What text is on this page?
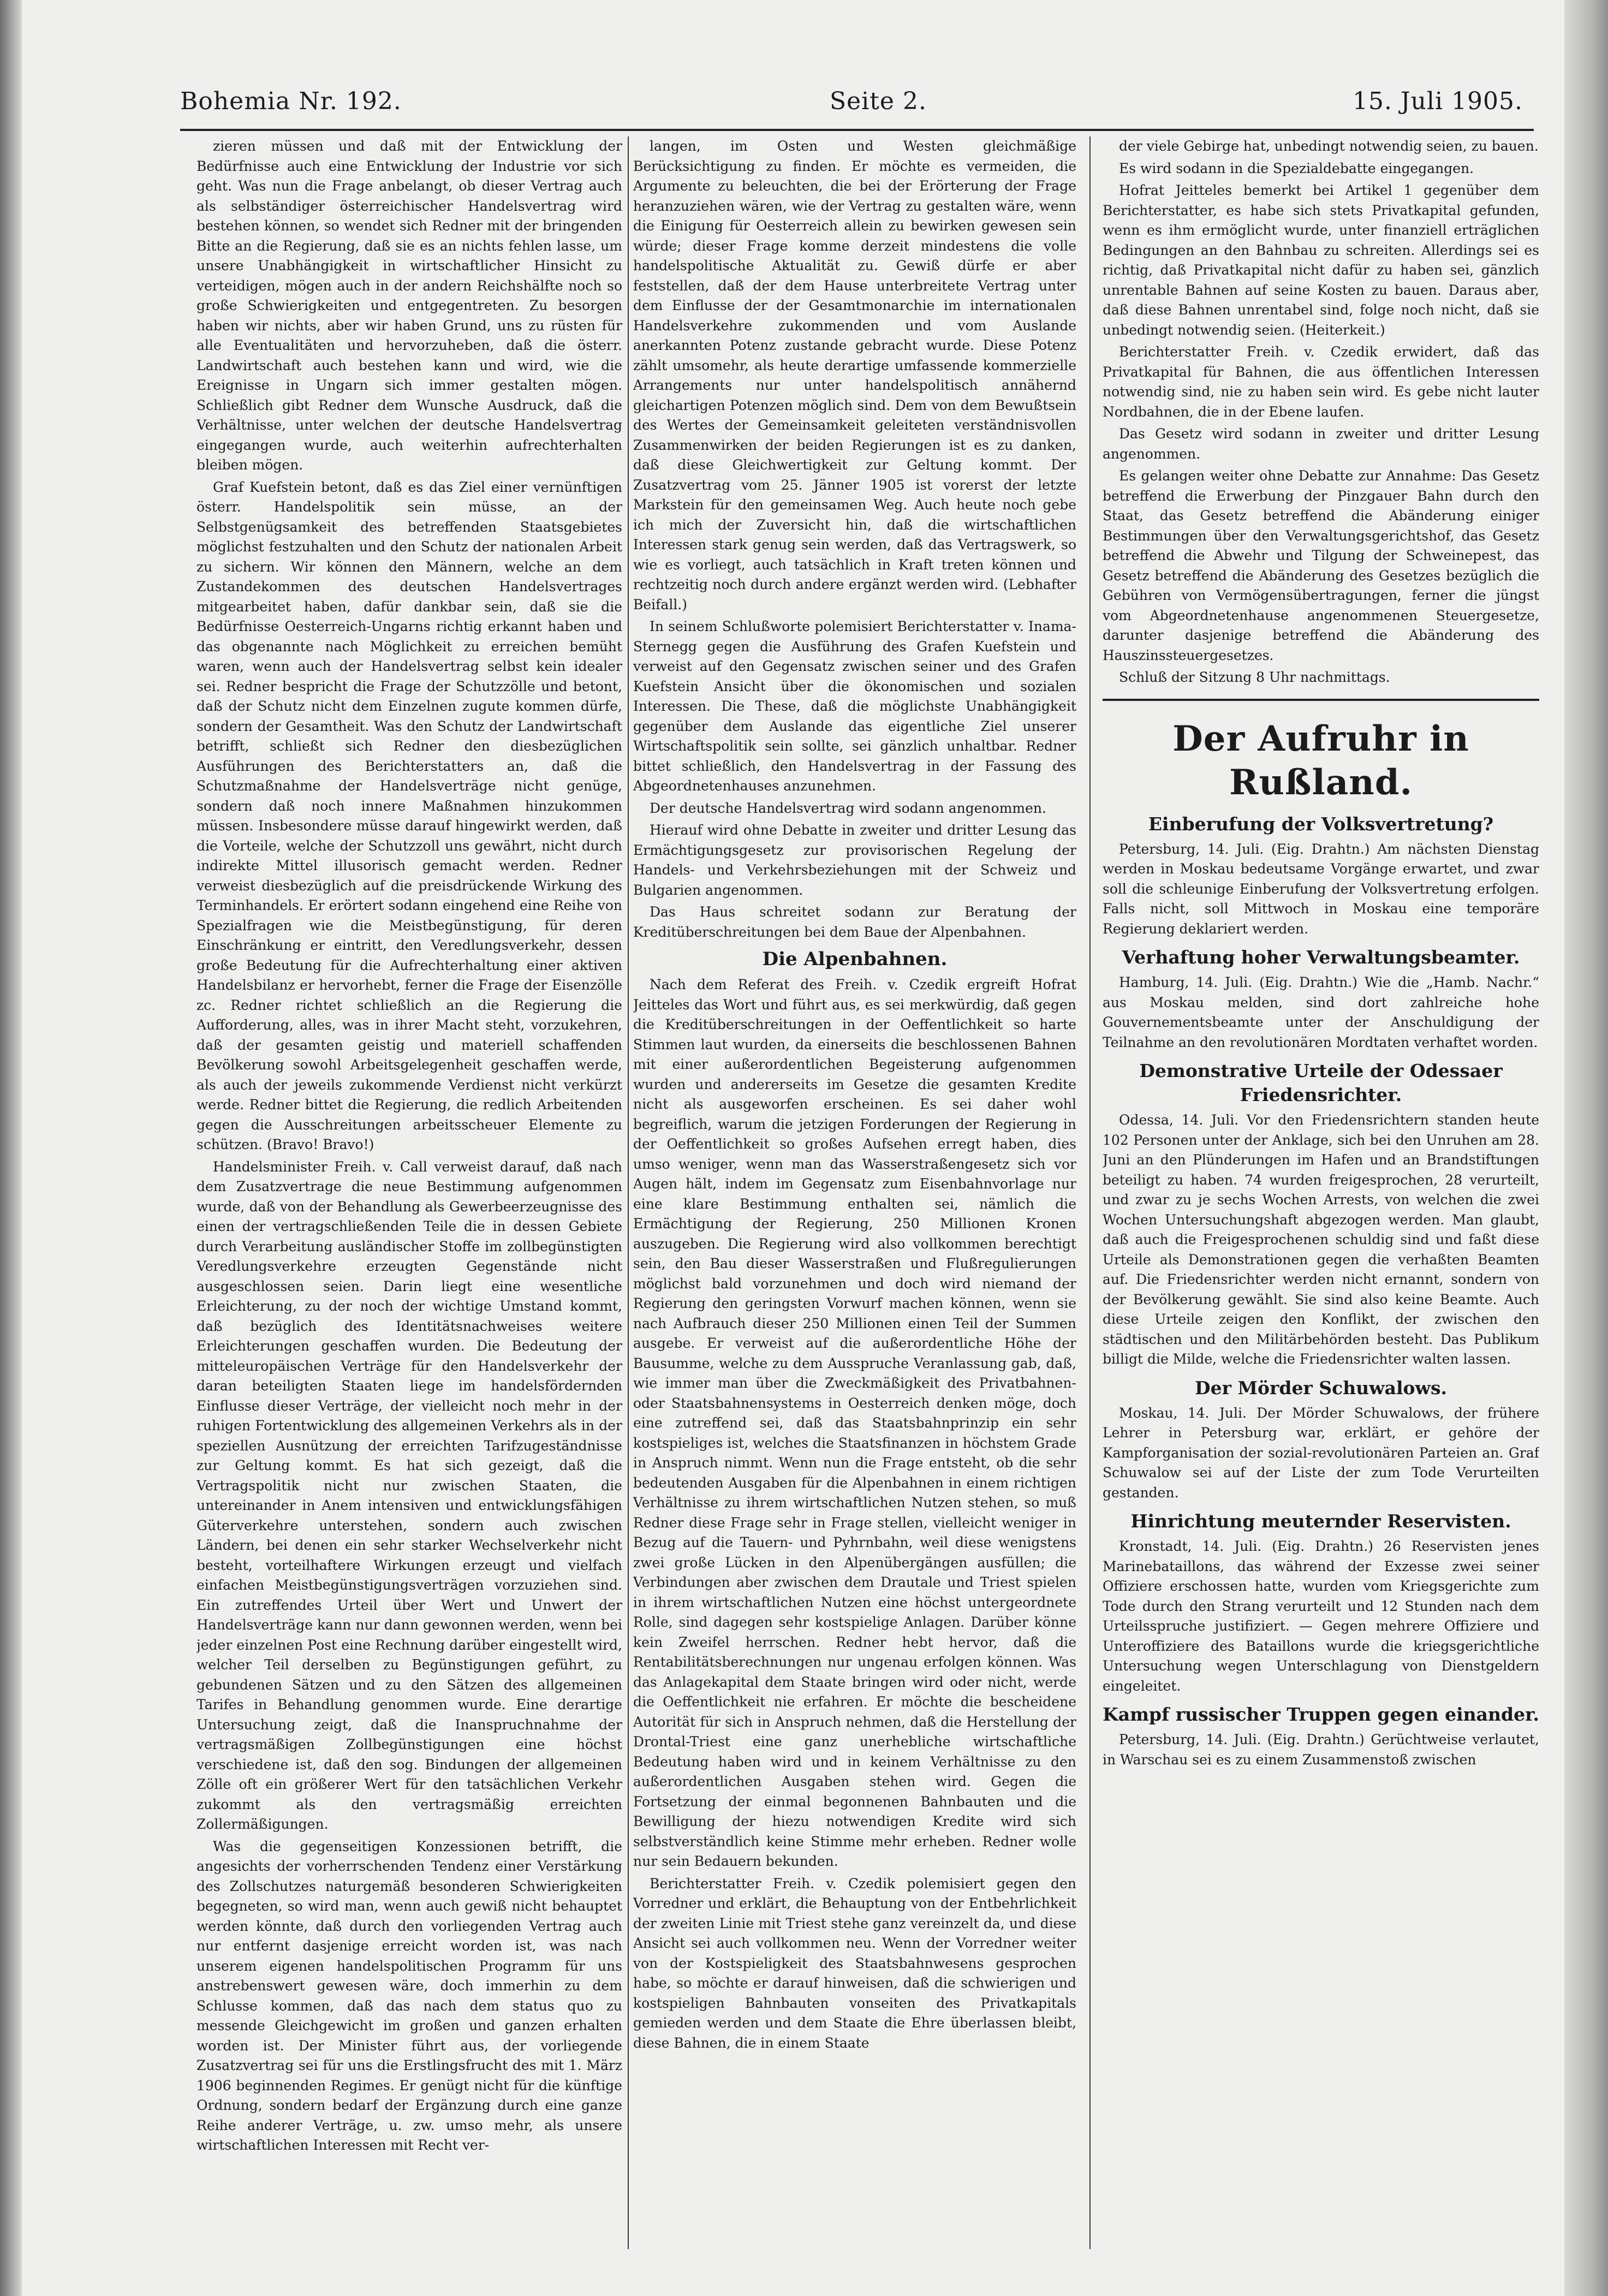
Bohemia Nr. 192.	Seite 2.	15. Juli 1905.

zieren müssen und daß mit der Entwicklung der Bedürfnisse auch eine Entwicklung der Industrie vor sich geht. Was nun die Frage anbelangt, ob dieser Vertrag auch als selbständiger österreichischer Handelsvertrag wird bestehen können, so wendet sich Redner mit der bringenden Bitte an die Regierung, daß sie es an nichts fehlen lasse, um unsere Unabhängigkeit in wirtschaftlicher Hinsicht zu verteidigen, mögen auch in der andern Reichshälfte noch so große Schwierigkeiten und entgegentreten. Zu besorgen haben wir nichts, aber wir haben Grund, uns zu rüsten für alle Eventualitäten und hervorzuheben, daß die österr. Landwirtschaft auch bestehen kann und wird, wie die Ereignisse in Ungarn sich immer gestalten mögen. Schließlich gibt Redner dem Wunsche Ausdruck, daß die Verhältnisse, unter welchen der deutsche Handelsvertrag eingegangen wurde, auch weiterhin aufrechterhalten bleiben mögen.

Graf Kuefstein betont, daß es das Ziel einer vernünftigen österr. Handelspolitik sein müsse, an der Selbstgenügsamkeit des betreffenden Staatsgebietes möglichst festzuhalten und den Schutz der nationalen Arbeit zu sichern. Wir können den Männern, welche an dem Zustandekommen des deutschen Handelsvertrages mitgearbeitet haben, dafür dankbar sein, daß sie die Bedürfnisse Oesterreich-Ungarns richtig erkannt haben und das obgenannte nach Möglichkeit zu erreichen bemüht waren, wenn auch der Handelsvertrag selbst kein idealer sei. Redner bespricht die Frage der Schutzzölle und betont, daß der Schutz nicht dem Einzelnen zugute kommen dürfe, sondern der Gesamtheit. Was den Schutz der Landwirtschaft betrifft, schließt sich Redner den diesbezüglichen Ausführungen des Berichterstatters an, daß die Schutzmaßnahme der Handelsverträge nicht genüge, sondern daß noch innere Maßnahmen hinzukommen müssen. Insbesondere müsse darauf hingewirkt werden, daß die Vorteile, welche der Schutzzoll uns gewährt, nicht durch indirekte Mittel illusorisch gemacht werden. Redner verweist diesbezüglich auf die preisdrückende Wirkung des Terminhandels. Er erörtert sodann eingehend eine Reihe von Spezialfragen wie die Meistbegünstigung, für deren Einschränkung er eintritt, den Veredlungsverkehr, dessen große Bedeutung für die Aufrechterhaltung einer aktiven Handelsbilanz er hervorhebt, ferner die Frage der Eisenzölle zc. Redner richtet schließlich an die Regierung die Aufforderung, alles, was in ihrer Macht steht, vorzukehren, daß der gesamten geistig und materiell schaffenden Bevölkerung sowohl Arbeitsgelegenheit geschaffen werde, als auch der jeweils zukommende Verdienst nicht verkürzt werde. Redner bittet die Regierung, die redlich Arbeitenden gegen die Ausschreitungen arbeitsscheuer Elemente zu schützen. (Bravo! Bravo!)

Handelsminister Freih. v. Call verweist darauf, daß nach dem Zusatzvertrage die neue Bestimmung aufgenommen wurde, daß von der Behandlung als Gewerbeerzeugnisse des einen der vertragschließenden Teile die in dessen Gebiete durch Verarbeitung ausländischer Stoffe im zollbegünstigten Veredlungsverkehre erzeugten Gegenstände nicht ausgeschlossen seien. Darin liegt eine wesentliche Erleichterung, zu der noch der wichtige Umstand kommt, daß bezüglich des Identitätsnachweises weitere Erleichterungen geschaffen wurden. Die Bedeutung der mitteleuropäischen Verträge für den Handelsverkehr der daran beteiligten Staaten liege im handelsfördernden Einflusse dieser Verträge, der vielleicht noch mehr in der ruhigen Fortentwicklung des allgemeinen Verkehrs als in der speziellen Ausnützung der erreichten Tarifzugeständnisse zur Geltung kommt. Es hat sich gezeigt, daß die Vertragspolitik nicht nur zwischen Staaten, die untereinander in Anem intensiven und entwicklungsfähigen Güterverkehre unterstehen, sondern auch zwischen Ländern, bei denen ein sehr starker Wechselverkehr nicht besteht, vorteilhaftere Wirkungen erzeugt und vielfach einfachen Meistbegünstigungsverträgen vorzuziehen sind. Ein zutreffendes Urteil über Wert und Unwert der Handelsverträge kann nur dann gewonnen werden, wenn bei jeder einzelnen Post eine Rechnung darüber eingestellt wird, welcher Teil derselben zu Begünstigungen geführt, zu gebundenen Sätzen und zu den Sätzen des allgemeinen Tarifes in Behandlung genommen wurde. Eine derartige Untersuchung zeigt, daß die Inanspruchnahme der vertragsmäßigen Zollbegünstigungen eine höchst verschiedene ist, daß den sog. Bindungen der allgemeinen Zölle oft ein größerer Wert für den tatsächlichen Verkehr zukommt als den vertragsmäßig erreichten Zollermäßigungen.

Was die gegenseitigen Konzessionen betrifft, die angesichts der vorherrschenden Tendenz einer Verstärkung des Zollschutzes naturgemäß besonderen Schwierigkeiten begegneten, so wird man, wenn auch gewiß nicht behauptet werden könnte, daß durch den vorliegenden Vertrag auch nur entfernt dasjenige erreicht worden ist, was nach unserem eigenen handelspolitischen Programm für uns anstrebenswert gewesen wäre, doch immerhin zu dem Schlusse kommen, daß das nach dem status quo zu messende Gleichgewicht im großen und ganzen erhalten worden ist. Der Minister führt aus, der vorliegende Zusatzvertrag sei für uns die Erstlingsfrucht des mit 1. März 1906 beginnenden Regimes. Er genügt nicht für die künftige Ordnung, sondern bedarf der Ergänzung durch eine ganze Reihe anderer Verträge, u. zw. umso mehr, als unsere wirtschaftlichen Interessen mit Recht ver-

langen, im Osten und Westen gleichmäßige Berücksichtigung zu finden. Er möchte es vermeiden, die Argumente zu beleuchten, die bei der Erörterung der Frage heranzuziehen wären, wie der Vertrag zu gestalten wäre, wenn die Einigung für Oesterreich allein zu bewirken gewesen sein würde; dieser Frage komme derzeit mindestens die volle handelspolitische Aktualität zu. Gewiß dürfe er aber feststellen, daß der dem Hause unterbreitete Vertrag unter dem Einflusse der der Gesamtmonarchie im internationalen Handelsverkehre zukommenden und vom Auslande anerkannten Potenz zustande gebracht wurde. Diese Potenz zählt umsomehr, als heute derartige umfassende kommerzielle Arrangements nur unter handelspolitisch annähernd gleichartigen Potenzen möglich sind. Dem von dem Bewußtsein des Wertes der Gemeinsamkeit geleiteten verständnisvollen Zusammenwirken der beiden Regierungen ist es zu danken, daß diese Gleichwertigkeit zur Geltung kommt. Der Zusatzvertrag vom 25. Jänner 1905 ist vorerst der letzte Markstein für den gemeinsamen Weg. Auch heute noch gebe ich mich der Zuversicht hin, daß die wirtschaftlichen Interessen stark genug sein werden, daß das Vertragswerk, so wie es vorliegt, auch tatsächlich in Kraft treten können und rechtzeitig noch durch andere ergänzt werden wird. (Lebhafter Beifall.)

In seinem Schlußworte polemisiert Berichterstatter v. Inama-Sternegg gegen die Ausführung des Grafen Kuefstein und verweist auf den Gegensatz zwischen seiner und des Grafen Kuefstein Ansicht über die ökonomischen und sozialen Interessen. Die These, daß die möglichste Unabhängigkeit gegenüber dem Auslande das eigentliche Ziel unserer Wirtschaftspolitik sein sollte, sei gänzlich unhaltbar. Redner bittet schließlich, den Handelsvertrag in der Fassung des Abgeordnetenhauses anzunehmen.

Der deutsche Handelsvertrag wird sodann angenommen.

Hierauf wird ohne Debatte in zweiter und dritter Lesung das Ermächtigungsgesetz zur provisorischen Regelung der Handels- und Verkehrsbeziehungen mit der Schweiz und Bulgarien angenommen.

Das Haus schreitet sodann zur Beratung der Kreditüberschreitungen bei dem Baue der Alpenbahnen.

Die Alpenbahnen.

Nach dem Referat des Freih. v. Czedik ergreift Hofrat Jeitteles das Wort und führt aus, es sei merkwürdig, daß gegen die Kreditüberschreitungen in der Oeffentlichkeit so harte Stimmen laut wurden, da einerseits die beschlossenen Bahnen mit einer außerordentlichen Begeisterung aufgenommen wurden und andererseits im Gesetze die gesamten Kredite nicht als ausgeworfen erscheinen. Es sei daher wohl begreiflich, warum die jetzigen Forderungen der Regierung in der Oeffentlichkeit so großes Aufsehen erregt haben, dies umso weniger, wenn man das Wasserstraßengesetz sich vor Augen hält, indem im Gegensatz zum Eisenbahnvorlage nur eine klare Bestimmung enthalten sei, nämlich die Ermächtigung der Regierung, 250 Millionen Kronen auszugeben. Die Regierung wird also vollkommen berechtigt sein, den Bau dieser Wasserstraßen und Flußregulierungen möglichst bald vorzunehmen und doch wird niemand der Regierung den geringsten Vorwurf machen können, wenn sie nach Aufbrauch dieser 250 Millionen einen Teil der Summen ausgebe. Er verweist auf die außerordentliche Höhe der Bausumme, welche zu dem Ausspruche Veranlassung gab, daß, wie immer man über die Zweckmäßigkeit des Privatbahnen- oder Staatsbahnensystems in Oesterreich denken möge, doch eine zutreffend sei, daß das Staatsbahnprinzip ein sehr kostspieliges ist, welches die Staatsfinanzen in höchstem Grade in Anspruch nimmt. Wenn nun die Frage entsteht, ob die sehr bedeutenden Ausgaben für die Alpenbahnen in einem richtigen Verhältnisse zu ihrem wirtschaftlichen Nutzen stehen, so muß Redner diese Frage sehr in Frage stellen, vielleicht weniger in Bezug auf die Tauern- und Pyhrnbahn, weil diese wenigstens zwei große Lücken in den Alpenübergängen ausfüllen; die Verbindungen aber zwischen dem Drautale und Triest spielen in ihrem wirtschaftlichen Nutzen eine höchst untergeordnete Rolle, sind dagegen sehr kostspielige Anlagen. Darüber könne kein Zweifel herrschen. Redner hebt hervor, daß die Rentabilitätsberechnungen nur ungenau erfolgen können. Was das Anlagekapital dem Staate bringen wird oder nicht, werde die Oeffentlichkeit nie erfahren. Er möchte die bescheidene Autorität für sich in Anspruch nehmen, daß die Herstellung der Drontal-Triest eine ganz unerhebliche wirtschaftliche Bedeutung haben wird und in keinem Verhältnisse zu den außerordentlichen Ausgaben stehen wird. Gegen die Fortsetzung der einmal begonnenen Bahnbauten und die Bewilligung der hiezu notwendigen Kredite wird sich selbstverständlich keine Stimme mehr erheben. Redner wolle nur sein Bedauern bekunden.

Berichterstatter Freih. v. Czedik polemisiert gegen den Vorredner und erklärt, die Behauptung von der Entbehrlichkeit der zweiten Linie mit Triest stehe ganz vereinzelt da, und diese Ansicht sei auch vollkommen neu. Wenn der Vorredner weiter von der Kostspieligkeit des Staatsbahnwesens gesprochen habe, so möchte er darauf hinweisen, daß die schwierigen und kostspieligen Bahnbauten vonseiten des Privatkapitals gemieden werden und dem Staate die Ehre überlassen bleibt, diese Bahnen, die in einem Staate

der viele Gebirge hat, unbedingt notwendig seien, zu bauen.

Es wird sodann in die Spezialdebatte eingegangen.

Hofrat Jeitteles bemerkt bei Artikel 1 gegenüber dem Berichterstatter, es habe sich stets Privatkapital gefunden, wenn es ihm ermöglicht wurde, unter finanziell erträglichen Bedingungen an den Bahnbau zu schreiten. Allerdings sei es richtig, daß Privatkapital nicht dafür zu haben sei, gänzlich unrentable Bahnen auf seine Kosten zu bauen. Daraus aber, daß diese Bahnen unrentabel sind, folge noch nicht, daß sie unbedingt notwendig seien. (Heiterkeit.)

Berichterstatter Freih. v. Czedik erwidert, daß das Privatkapital für Bahnen, die aus öffentlichen Interessen notwendig sind, nie zu haben sein wird. Es gebe nicht lauter Nordbahnen, die in der Ebene laufen.

Das Gesetz wird sodann in zweiter und dritter Lesung angenommen.

Es gelangen weiter ohne Debatte zur Annahme: Das Gesetz betreffend die Erwerbung der Pinzgauer Bahn durch den Staat, das Gesetz betreffend die Abänderung einiger Bestimmungen über den Verwaltungsgerichtshof, das Gesetz betreffend die Abwehr und Tilgung der Schweinepest, das Gesetz betreffend die Abänderung des Gesetzes bezüglich die Gebühren von Vermögensübertragungen, ferner die jüngst vom Abgeordnetenhause angenommenen Steuergesetze, darunter dasjenige betreffend die Abänderung des Hauszinssteuergesetzes.

Schluß der Sitzung 8 Uhr nachmittags.

Der Aufruhr in Rußland.
Einberufung der Volksvertretung?

Petersburg, 14. Juli. (Eig. Drahtn.) Am nächsten Dienstag werden in Moskau bedeutsame Vorgänge erwartet, und zwar soll die schleunige Einberufung der Volksvertretung erfolgen. Falls nicht, soll Mittwoch in Moskau eine temporäre Regierung deklariert werden.

Verhaftung hoher Verwaltungsbeamter.

Hamburg, 14. Juli. (Eig. Drahtn.) Wie die „Hamb. Nachr.“ aus Moskau melden, sind dort zahlreiche hohe Gouvernementsbeamte unter der Anschuldigung der Teilnahme an den revolutionären Mordtaten verhaftet worden.

Demonstrative Urteile der Odessaer Friedensrichter.

Odessa, 14. Juli. Vor den Friedensrichtern standen heute 102 Personen unter der Anklage, sich bei den Unruhen am 28. Juni an den Plünderungen im Hafen und an Brandstiftungen beteiligt zu haben. 74 wurden freigesprochen, 28 verurteilt, und zwar zu je sechs Wochen Arrests, von welchen die zwei Wochen Untersuchungshaft abgezogen werden. Man glaubt, daß auch die Freigesprochenen schuldig sind und faßt diese Urteile als Demonstrationen gegen die verhaßten Beamten auf. Die Friedensrichter werden nicht ernannt, sondern von der Bevölkerung gewählt. Sie sind also keine Beamte. Auch diese Urteile zeigen den Konflikt, der zwischen den städtischen und den Militärbehörden besteht. Das Publikum billigt die Milde, welche die Friedensrichter walten lassen.

Der Mörder Schuwalows.

Moskau, 14. Juli. Der Mörder Schuwalows, der frühere Lehrer in Petersburg war, erklärt, er gehöre der Kampforganisation der sozial-revolutionären Parteien an. Graf Schuwalow sei auf der Liste der zum Tode Verurteilten gestanden.

Hinrichtung meuternder Reservisten.

Kronstadt, 14. Juli. (Eig. Drahtn.) 26 Reservisten jenes Marinebataillons, das während der Exzesse zwei seiner Offiziere erschossen hatte, wurden vom Kriegsgerichte zum Tode durch den Strang verurteilt und 12 Stunden nach dem Urteilsspruche justifiziert. — Gegen mehrere Offiziere und Unteroffiziere des Bataillons wurde die kriegsgerichtliche Untersuchung wegen Unterschlagung von Dienstgeldern eingeleitet.

Kampf russischer Truppen gegen einander.

Petersburg, 14. Juli. (Eig. Drahtn.) Gerüchtweise verlautet, in Warschau sei es zu einem Zusammenstoß zwischen
